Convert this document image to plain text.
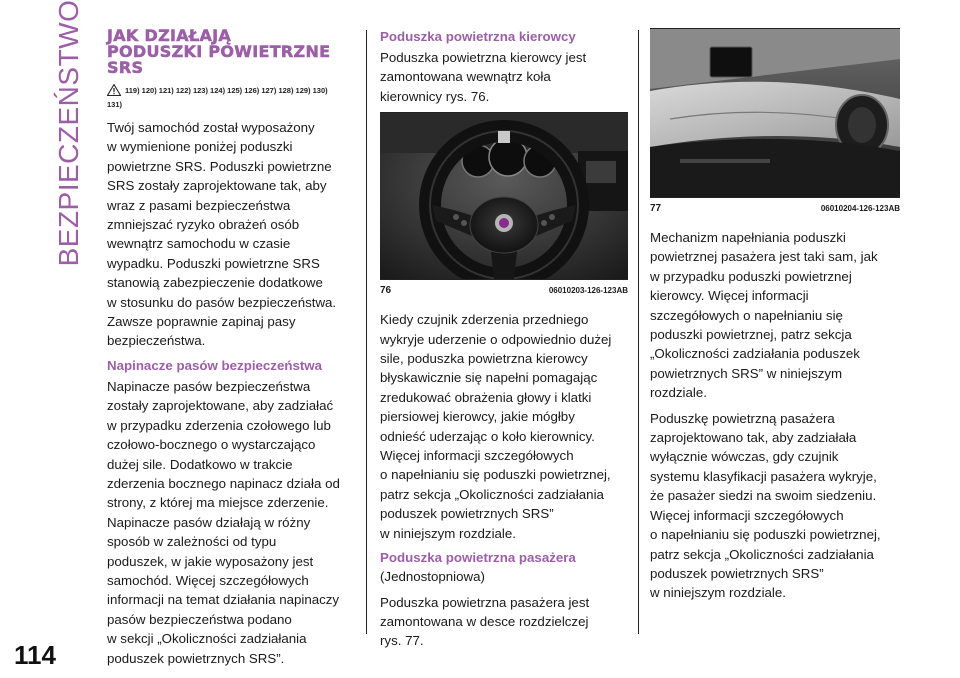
BEZPIECZEŃSTWO
114
JAK DZIAŁAJĄ
PODUSZKI POWIETRZNE
SRS
119) 120) 121) 122) 123) 124) 125) 126) 127) 128) 129) 130)
131)

Twój samochód został wyposażony
w wymienione poniżej poduszki
powietrzne SRS. Poduszki powietrzne
SRS zostały zaprojektowane tak, aby
wraz z pasami bezpieczeństwa
zmniejszać ryzyko obrażeń osób
wewnątrz samochodu w czasie
wypadku. Poduszki powietrzne SRS
stanowią zabezpieczenie dodatkowe
w stosunku do pasów bezpieczeństwa.
Zawsze poprawnie zapinaj pasy
bezpieczeństwa.

Napinacze pasów bezpieczeństwa

Napinacze pasów bezpieczeństwa
zostały zaprojektowane, aby zadziałać
w przypadku zderzenia czołowego lub
czołowo-bocznego o wystarczająco
dużej sile. Dodatkowo w trakcie
zderzenia bocznego napinacz działa od
strony, z której ma miejsce zderzenie.
Napinacze pasów działają w różny
sposób w zależności od typu
poduszek, w jakie wyposażony jest
samochód. Więcej szczegółowych
informacji na temat działania napinaczy
pasów bezpieczeństwa podano
w sekcji „Okoliczności zadziałania
poduszek powietrznych SRS”.

Poduszka powietrzna kierowcy

Poduszka powietrzna kierowcy jest
zamontowana wewnątrz koła
kierownicy rys. 76.

76	06010203-126-123AB

Kiedy czujnik zderzenia przedniego
wykryje uderzenie o odpowiednio dużej
sile, poduszka powietrzna kierowcy
błyskawicznie się napełni pomagając
zredukować obrażenia głowy i klatki
piersiowej kierowcy, jakie mógłby
odnieść uderzając o koło kierownicy.
Więcej informacji szczegółowych
o napełnianiu się poduszki powietrznej,
patrz sekcja „Okoliczności zadziałania
poduszek powietrznych SRS”
w niniejszym rozdziale.

Poduszka powietrzna pasażera

(Jednostopniowa)

Poduszka powietrzna pasażera jest
zamontowana w desce rozdzielczej
rys. 77.

77	06010204-126-123AB

Mechanizm napełniania poduszki
powietrznej pasażera jest taki sam, jak
w przypadku poduszki powietrznej
kierowcy. Więcej informacji
szczegółowych o napełnianiu się
poduszki powietrznej, patrz sekcja
„Okoliczności zadziałania poduszek
powietrznych SRS” w niniejszym
rozdziale.

Poduszkę powietrzną pasażera
zaprojektowano tak, aby zadziałała
wyłącznie wówczas, gdy czujnik
systemu klasyfikacji pasażera wykryje,
że pasażer siedzi na swoim siedzeniu.
Więcej informacji szczegółowych
o napełnianiu się poduszki powietrznej,
patrz sekcja „Okoliczności zadziałania
poduszek powietrznych SRS”
w niniejszym rozdziale.
